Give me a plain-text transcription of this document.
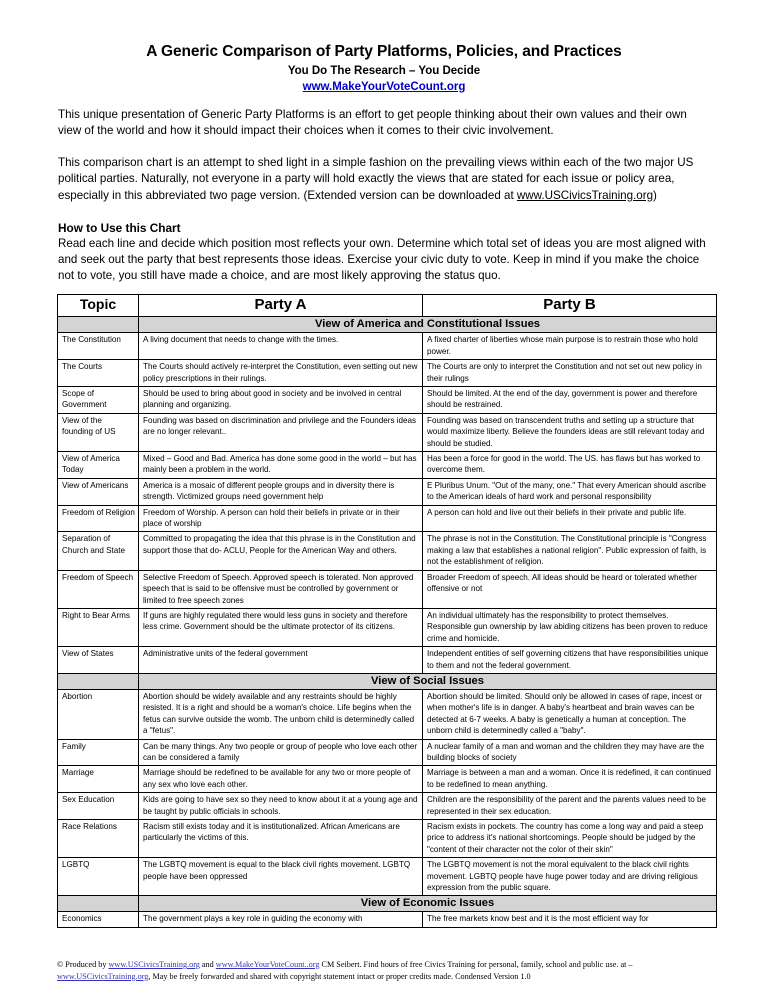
A Generic Comparison of Party Platforms, Policies, and Practices
You Do The Research – You Decide
www.MakeYourVoteCount.org

This unique presentation of Generic Party Platforms is an effort to get people thinking about their own values and their own view of the world and how it should impact their choices when it comes to their civic involvement.

This comparison chart is an attempt to shed light in a simple fashion on the prevailing views within each of the two major US political parties. Naturally, not everyone in a party will hold exactly the views that are stated for each issue or policy area, especially in this abbreviated two page version. (Extended version can be downloaded at www.USCivicsTraining.org)

How to Use this Chart

Read each line and decide which position most reflects your own. Determine which total set of ideas you are most aligned with and seek out the party that best represents those ideas. Exercise your civic duty to vote. Keep in mind if you make the choice not to vote, you still have made a choice, and are most likely approving the status quo.

Topic	Party A	Party B
	View of America and Constitutional Issues	
The Constitution	A living document that needs to change with the times.	A fixed charter of liberties whose main purpose is to restrain those who hold power.
The Courts	The Courts should actively re-interpret the Constitution, even setting out new policy prescriptions in their rulings.	The Courts are only to interpret the Constitution and not set out new policy in their rulings
Scope of Government	Should be used to bring about good in society and be involved in central planning and organizing.	Should be limited. At the end of the day, government is power and therefore should be restrained.
View of the founding of US	Founding was based on discrimination and privilege and the Founders ideas are no longer relevant..	Founding was based on transcendent truths and setting up a structure that would maximize liberty. Believe the founders ideas are still relevant today and should be studied.
View of America Today	Mixed – Good and Bad. America has done some good in the world – but has mainly been a problem in the world.	Has been a force for good in the world. The US. has flaws but has worked to overcome them.
View of Americans	America is a mosaic of different people groups and in diversity there is strength. Victimized groups need government help	E Pluribus Unum. "Out of the many, one." That every American should ascribe to the American ideals of hard work and personal responsibility
Freedom of Religion	Freedom of Worship. A person can hold their beliefs in private or in their place of worship	A person can hold and live out their beliefs in their private and public life.
Separation of Church and State	Committed to propagating the idea that this phrase is in the Constitution and support those that do- ACLU, People for the American Way and others.	The phrase is not in the Constitution. The Constitutional principle is "Congress making a law that establishes a national religion". Public expression of faith, is not the establishment of religion.
Freedom of Speech	Selective Freedom of Speech. Approved speech is tolerated. Non approved speech that is said to be offensive must be controlled by government or limited to free speech zones	Broader Freedom of speech. All ideas should be heard or tolerated whether offensive or not
Right to Bear Arms	If guns are highly regulated there would less guns in society and therefore less crime. Government should be the ultimate protector of its citizens.	An individual ultimately has the responsibility to protect themselves. Responsible gun ownership by law abiding citizens has been proven to reduce crime and homicide.
View of States	Administrative units of the federal government	Independent entities of self governing citizens that have responsibilities unique to them and not the federal government.
	View of Social Issues	
Abortion	Abortion should be widely available and any restraints should be highly resisted. It is a right and should be a woman's choice. Life begins when the fetus can survive outside the womb. The unborn child is determinedly called a "fetus".	Abortion should be limited. Should only be allowed in cases of rape, incest or when mother's life is in danger. A baby's heartbeat and brain waves can be detected at 6-7 weeks. A baby is genetically a human at conception. The unborn child is determinedly called a "baby".
Family	Can be many things. Any two people or group of people who love each other can be considered a family	A nuclear family of a man and woman and the children they may have are the building blocks of society
Marriage	Marriage should be redefined to be available for any two or more people of any sex who love each other.	Marriage is between a man and a woman. Once it is redefined, it can continued to be redefined to mean anything.
Sex Education	Kids are going to have sex so they need to know about it at a young age and be taught by public officials in schools.	Children are the responsibility of the parent and the parents values need to be represented in their sex education.
Race Relations	Racism still exists today and it is institutionalized. African Americans are particularly the victims of this.	Racism exists in pockets. The country has come a long way and paid a steep price to address it's national shortcomings. People should be judged by the "content of their character not the color of their skin"
LGBTQ	The LGBTQ movement is equal to the black civil rights movement. LGBTQ people have been oppressed	The LGBTQ movement is not the moral equivalent to the black civil rights movement. LGBTQ people have huge power today and are driving religious expression from the public square.
	View of Economic Issues	
Economics	The government plays a key role in guiding the economy with	The free markets know best and it is the most efficient way for
© Produced by www.USCivicsTraining.org and www.MakeYourVoteCount..org CM Seibert. Find hours of free Civics Training for personal, family, school and public use. at – www.USCivicsTraining.org, May be freely forwarded and shared with copyright statement intact or proper credits made. Condensed Version 1.0
